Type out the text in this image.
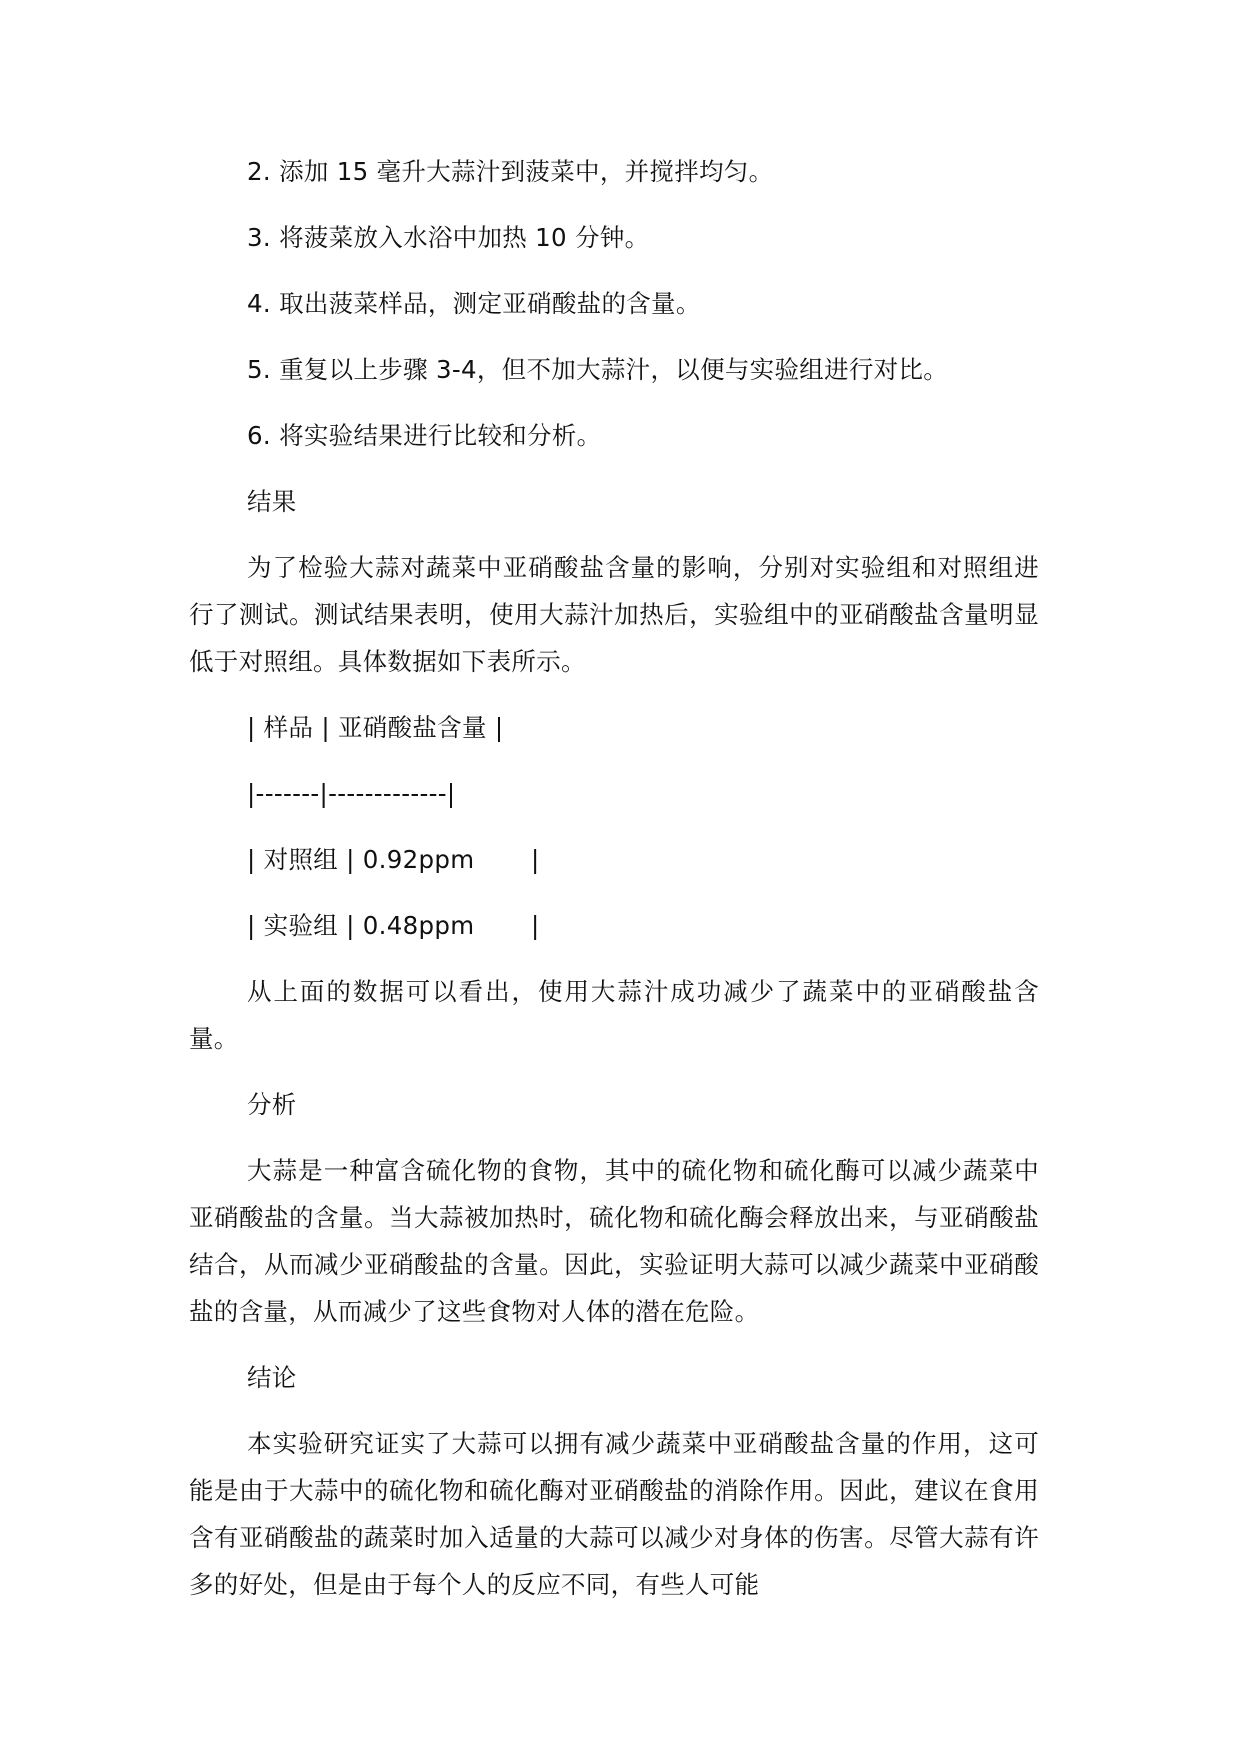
2. 添加 15 毫升大蒜汁到菠菜中，并搅拌均匀。
3. 将菠菜放入水浴中加热 10 分钟。
4. 取出菠菜样品，测定亚硝酸盐的含量。
5. 重复以上步骤 3-4，但不加大蒜汁，以便与实验组进行对比。
6. 将实验结果进行比较和分析。
结果

为了检验大蒜对蔬菜中亚硝酸盐含量的影响，分别对实验组和对照组进行了测试。测试结果表明，使用大蒜汁加热后，实验组中的亚硝酸盐含量明显低于对照组。具体数据如下表所示。

| 样品 | 亚硝酸盐含量 |
|-------|-------------|
| 对照组 | 0.92ppm       |
| 实验组 | 0.48ppm       |

从上面的数据可以看出，使用大蒜汁成功减少了蔬菜中的亚硝酸盐含量。

分析

大蒜是一种富含硫化物的食物，其中的硫化物和硫化酶可以减少蔬菜中亚硝酸盐的含量。当大蒜被加热时，硫化物和硫化酶会释放出来，与亚硝酸盐结合，从而减少亚硝酸盐的含量。因此，实验证明大蒜可以减少蔬菜中亚硝酸盐的含量，从而减少了这些食物对人体的潜在危险。

结论

本实验研究证实了大蒜可以拥有减少蔬菜中亚硝酸盐含量的作用，这可能是由于大蒜中的硫化物和硫化酶对亚硝酸盐的消除作用。因此，建议在食用含有亚硝酸盐的蔬菜时加入适量的大蒜可以减少对身体的伤害。尽管大蒜有许多的好处，但是由于每个人的反应不同，有些人可能
